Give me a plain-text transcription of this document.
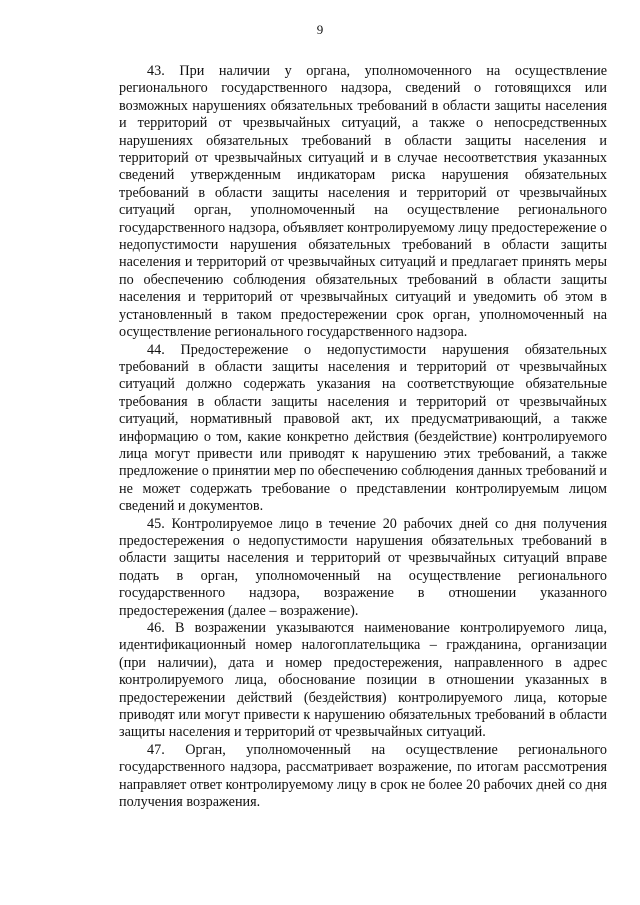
9

43. При наличии у органа, уполномоченного на осуществление регионального государственного надзора, сведений о готовящихся или возможных нарушениях обязательных требований в области защиты населения и территорий от чрезвычайных ситуаций, а также о непосредственных нарушениях обязательных требований в области защиты населения и территорий от чрезвычайных ситуаций и в случае несоответствия указанных сведений утвержденным индикаторам риска нарушения обязательных требований в области защиты населения и территорий от чрезвычайных ситуаций орган, уполномоченный на осуществление регионального государственного надзора, объявляет контролируемому лицу предостережение о недопустимости нарушения обязательных требований в области защиты населения и территорий от чрезвычайных ситуаций и предлагает принять меры по обеспечению соблюдения обязательных требований в области защиты населения и территорий от чрезвычайных ситуаций и уведомить об этом в установленный в таком предостережении срок орган, уполномоченный на осуществление регионального государственного надзора.

44. Предостережение о недопустимости нарушения обязательных требований в области защиты населения и территорий от чрезвычайных ситуаций должно содержать указания на соответствующие обязательные требования в области защиты населения и территорий от чрезвычайных ситуаций, нормативный правовой акт, их предусматривающий, а также информацию о том, какие конкретно действия (бездействие) контролируемого лица могут привести или приводят к нарушению этих требований, а также предложение о принятии мер по обеспечению соблюдения данных требований и не может содержать требование о представлении контролируемым лицом сведений и документов.

45. Контролируемое лицо в течение 20 рабочих дней со дня получения предостережения о недопустимости нарушения обязательных требований в области защиты населения и территорий от чрезвычайных ситуаций вправе подать в орган, уполномоченный на осуществление регионального государственного надзора, возражение в отношении указанного предостережения (далее – возражение).

46. В возражении указываются наименование контролируемого лица, идентификационный номер налогоплательщика – гражданина, организации (при наличии), дата и номер предостережения, направленного в адрес контролируемого лица, обоснование позиции в отношении указанных в предостережении действий (бездействия) контролируемого лица, которые приводят или могут привести к нарушению обязательных требований в области защиты населения и территорий от чрезвычайных ситуаций.

47. Орган, уполномоченный на осуществление регионального государственного надзора, рассматривает возражение, по итогам рассмотрения направляет ответ контролируемому лицу в срок не более 20 рабочих дней со дня получения возражения.
